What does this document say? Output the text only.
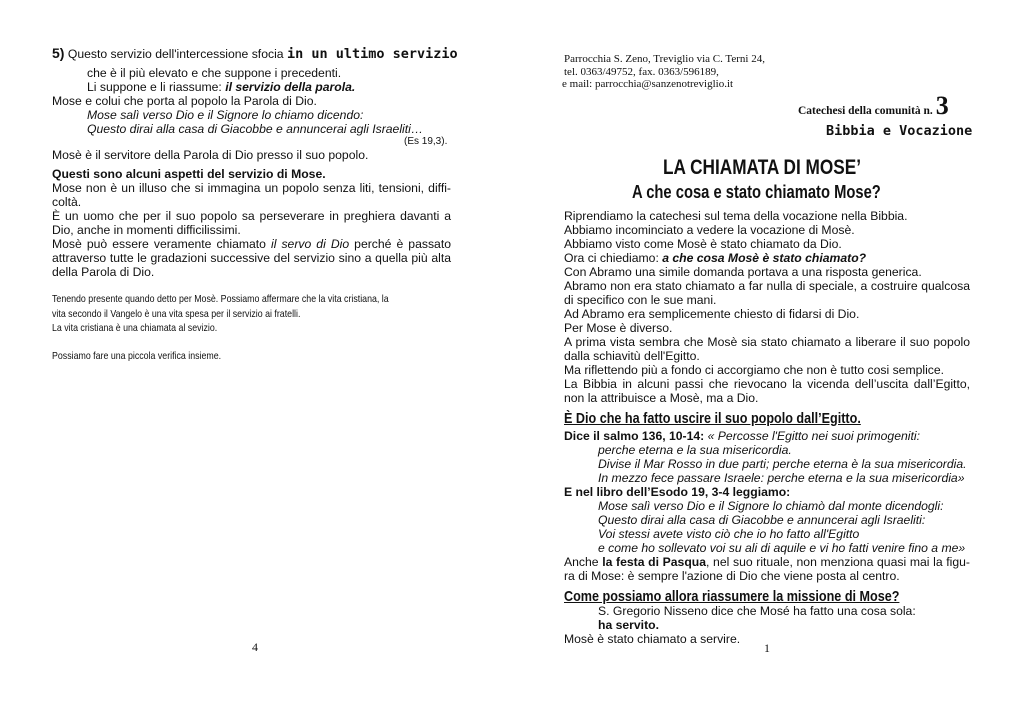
5) Questo servizio dell'intercessione sfocia in un ultimo servizio
che è il più elevato e che suppone i precedenti.
Li suppone e li riassume: il servizio della parola.
Mose e colui che porta al popolo la Parola di Dio.
Mose salì verso Dio e il Signore lo chiamo dicendo:
Questo dirai alla casa di Giacobbe e annuncerai agli Israeliti…
(Es 19,3).
Mosè è il servitore della Parola di Dio presso il suo popolo.
Questi sono alcuni aspetti del servizio di Mose.
Mose non è un illuso che si immagina un popolo senza liti, tensioni, diffi-
coltà.
È un uomo che per il suo popolo sa perseverare in preghiera davanti a
Dio, anche in momenti difficilissimi.
Mosè può essere veramente chiamato il servo di Dio perché è passato
attraverso tutte le gradazioni successive del servizio sino a quella più alta
della Parola di Dio.
Tenendo presente quando detto per Mosè. Possiamo affermare che la vita cristiana, la
vita secondo il Vangelo è una vita spesa per il servizio ai fratelli.
La vita cristiana è una chiamata al sevizio.
Possiamo fare una piccola verifica insieme.
4
Parrocchia S. Zeno, Treviglio via C. Terni 24,
tel. 0363/49752, fax. 0363/596189,
e mail: parrocchia@sanzenotreviglio.it
Catechesi della comunità n. 3
Bibbia e Vocazione
LA CHIAMATA DI MOSE’
A che cosa e stato chiamato Mose?
Riprendiamo la catechesi sul tema della vocazione nella Bibbia.
Abbiamo incominciato a vedere la vocazione di Mosè.
Abbiamo visto come Mosè è stato chiamato da Dio.
Ora ci chiediamo: a che cosa Mosè è stato chiamato?
Con Abramo una simile domanda portava a una risposta generica.
Abramo non era stato chiamato a far nulla di speciale, a costruire qualcosa
di specifico con le sue mani.
Ad Abramo era semplicemente chiesto di fidarsi di Dio.
Per Mose è diverso.
A prima vista sembra che Mosè sia stato chiamato a liberare il suo popolo
dalla schiavitù dell'Egitto.
Ma riflettendo più a fondo ci accorgiamo che non è tutto cosi semplice.
La Bibbia in alcuni passi che rievocano la vicenda dell’uscita dall’Egitto,
non la attribuisce a Mosè, ma a Dio.
È Dio che ha fatto uscire il suo popolo dall’Egitto.
Dice il salmo 136, 10-14: « Percosse l'Egitto nei suoi primogeniti:
perche eterna e la sua misericordia.
Divise il Mar Rosso in due parti; perche eterna è la sua misericordia.
In mezzo fece passare Israele: perche eterna e la sua misericordia»
E nel libro dell’Esodo 19, 3-4 leggiamo:
Mose salì verso Dio e il Signore lo chiamò dal monte dicendogli:
Questo dirai alla casa di Giacobbe e annuncerai agli Israeliti:
Voi stessi avete visto ciò che io ho fatto all'Egitto
e come ho sollevato voi su ali di aquile e vi ho fatti venire fino a me»
Anche la festa di Pasqua, nel suo rituale, non menziona quasi mai la figu-
ra di Mose: è sempre l'azione di Dio che viene posta al centro.
Come possiamo allora riassumere la missione di Mose?
S. Gregorio Nisseno dice che Mosé ha fatto una cosa sola:
ha servito.
Mosè è stato chiamato a servire.
1
